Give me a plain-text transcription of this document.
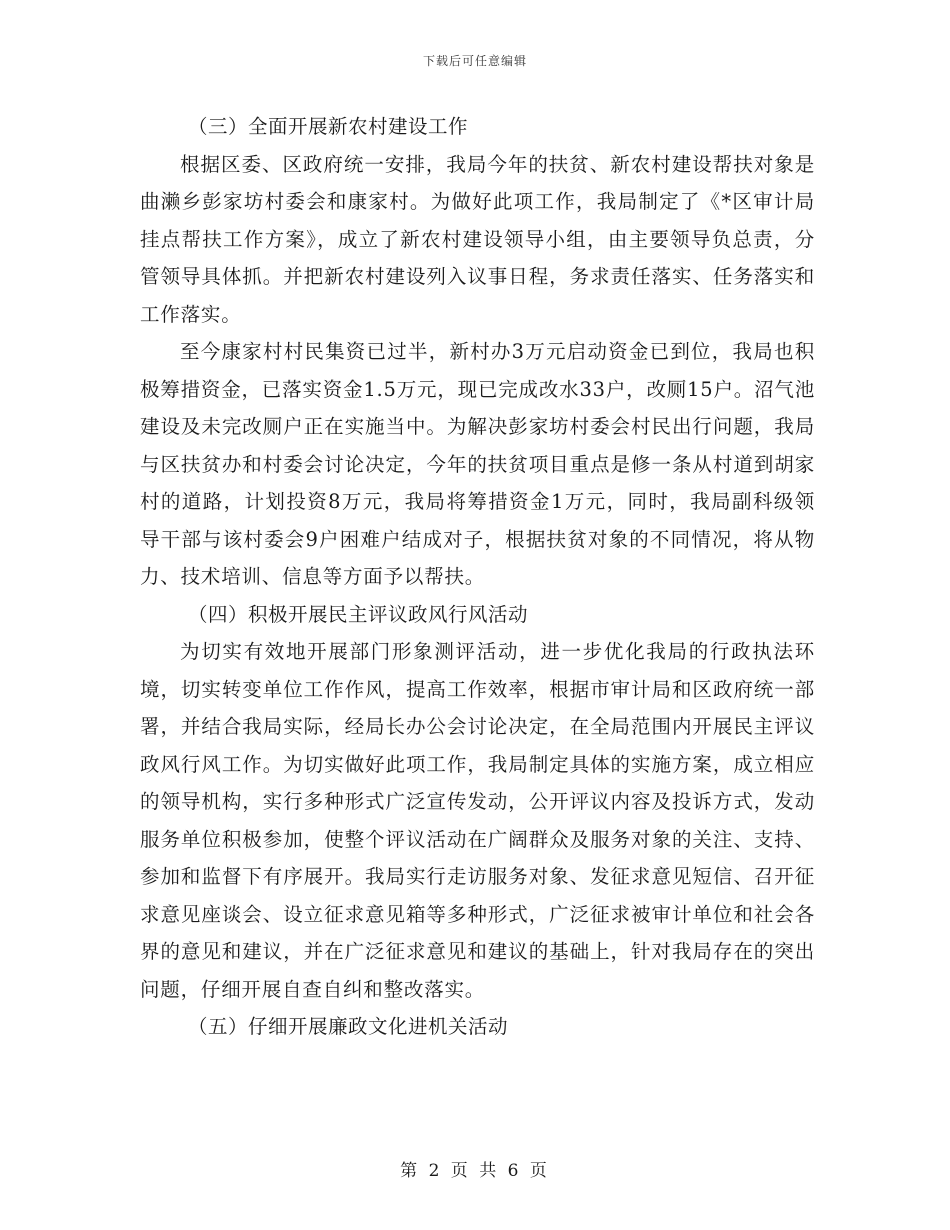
下载后可任意编辑

（三）全面开展新农村建设工作

根据区委、区政府统一安排，我局今年的扶贫、新农村建设帮扶对象是曲濑乡彭家坊村委会和康家村。为做好此项工作，我局制定了《*区审计局挂点帮扶工作方案》，成立了新农村建设领导小组，由主要领导负总责，分管领导具体抓。并把新农村建设列入议事日程，务求责任落实、任务落实和工作落实。

至今康家村村民集资已过半，新村办3万元启动资金已到位，我局也积极筹措资金，已落实资金1.5万元，现已完成改水33户，改厕15户。沼气池建设及未完改厕户正在实施当中。为解决彭家坊村委会村民出行问题，我局与区扶贫办和村委会讨论决定，今年的扶贫项目重点是修一条从村道到胡家村的道路，计划投资8万元，我局将筹措资金1万元，同时，我局副科级领导干部与该村委会9户困难户结成对子，根据扶贫对象的不同情况，将从物力、技术培训、信息等方面予以帮扶。

（四）积极开展民主评议政风行风活动

为切实有效地开展部门形象测评活动，进一步优化我局的行政执法环境，切实转变单位工作作风，提高工作效率，根据市审计局和区政府统一部署，并结合我局实际，经局长办公会讨论决定，在全局范围内开展民主评议政风行风工作。为切实做好此项工作，我局制定具体的实施方案，成立相应的领导机构，实行多种形式广泛宣传发动，公开评议内容及投诉方式，发动服务单位积极参加，使整个评议活动在广阔群众及服务对象的关注、支持、参加和监督下有序展开。我局实行走访服务对象、发征求意见短信、召开征求意见座谈会、设立征求意见箱等多种形式，广泛征求被审计单位和社会各界的意见和建议，并在广泛征求意见和建议的基础上，针对我局存在的突出问题，仔细开展自查自纠和整改落实。

（五）仔细开展廉政文化进机关活动

第 2 页 共 6 页
